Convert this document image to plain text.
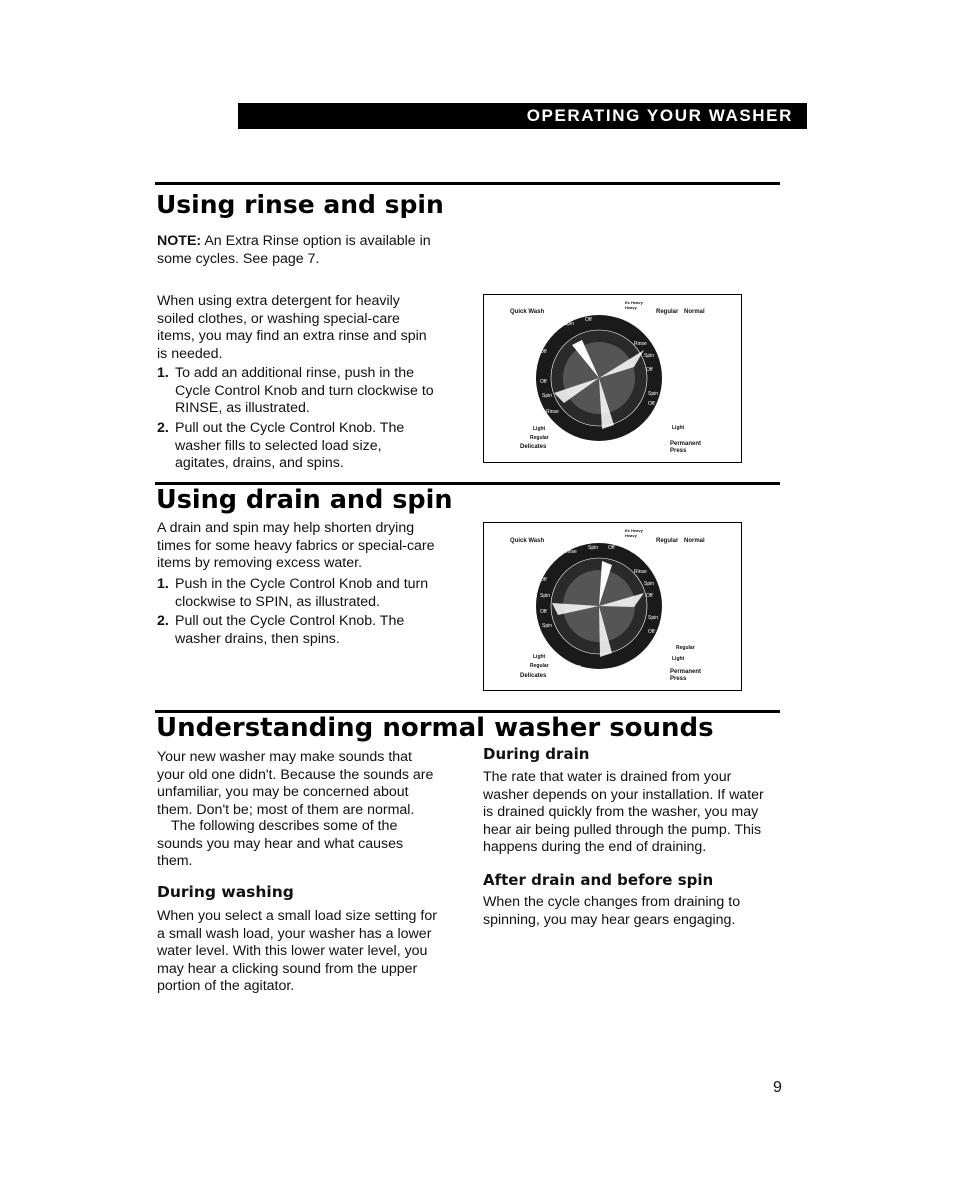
OPERATING YOUR WASHER
Using rinse and spin

NOTE: An Extra Rinse option is available in
some cycles. See page 7.

When using extra detergent for heavily
soiled clothes, or washing special-care
items, you may find an extra rinse and spin
is needed.

1. To add an additional rinse, push in the
Cycle Control Knob and turn clockwise to
RINSE, as illustrated.
2. Pull out the Cycle Control Knob. The
washer fills to selected load size,
agitates, drains, and spins.
Quick Wash
Ex Heavy
Heavy
Regular Normal
Light
Permanent
Press
Light
Regular
Delicates
Spin
Off
Rinse
Spin
Off
Spin
Off
Off
Off
Spin
Rinse
Spin Off
Using drain and spin

A drain and spin may help shorten drying
times for some heavy fabrics or special-care
items by removing excess water.

1. Push in the Cycle Control Knob and turn
clockwise to SPIN, as illustrated.
2. Pull out the Cycle Control Knob. The
washer drains, then spins.
Quick Wash
Ex Heavy
Heavy
Regular Normal
Regular
Light
Permanent
Press
Light
Regular
Delicates
Rinse
Spin Off
Rinse
Spin
Off
Spin
Off
Off
Spin
Off
Spin
Off
Off
Understanding normal washer sounds

Your new washer may make sounds that
your old one didn't. Because the sounds are
unfamiliar, you may be concerned about
them. Don't be; most of them are normal.

The following describes some of the
sounds you may hear and what causes
them.

During washing

When you select a small load size setting for
a small wash load, your washer has a lower
water level. With this lower water level, you
may hear a clicking sound from the upper
portion of the agitator.

During drain

The rate that water is drained from your
washer depends on your installation. If water
is drained quickly from the washer, you may
hear air being pulled through the pump. This
happens during the end of draining.

After drain and before spin

When the cycle changes from draining to
spinning, you may hear gears engaging.

9
